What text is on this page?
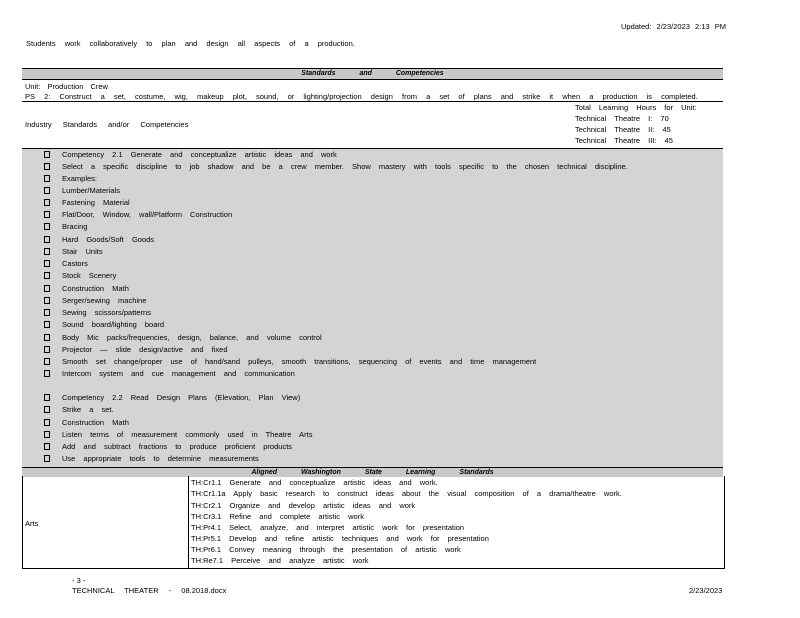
Updated: 2/23/2023 2:13 PM
Students work collaboratively to plan and design all aspects of a production.
Standards and Competencies
Unit: Production Crew
PS 2: Construct a set, costume, wig, makeup plot, sound, or lighting/projection design from a set of plans and strike it when a production is completed.
Industry Standards and/or Competencies
Total Learning Hours for Unit:
Technical Theatre I: 70
Technical Theatre II: 45
Technical Theatre III: 45
Competency 2.1 Generate and conceptualize artistic ideas and work
Select a specific discipline to job shadow and be a crew member. Show mastery with tools specific to the chosen technical discipline.
Examples:
Lumber/Materials
Fastening Material
Flat/Door, Window, wall/Platform Construction
Bracing
Hard Goods/Soft Goods
Stair Units
Castors
Stock Scenery
Construction Math
Serger/sewing machine
Sewing scissors/patterns
Sound board/lighting board
Body Mic packs/frequencies, design, balance, and volume control
Projector — slide design/active and fixed
Smooth set change/proper use of hand/sand pulleys, smooth transitions, sequencing of events and time management
Intercom system and cue management and communication
Competency 2.2 Read Design Plans (Elevation, Plan View)
Strike a set.
Construction Math
Listen terms of measurement commonly used in Theatre Arts
Add and subtract fractions to produce proficient products
Use appropriate tools to determine measurements
Aligned Washington State Learning Standards
Arts
TH:Cr1.1 Generate and conceptualize artistic ideas and work.
TH:Cr1.1a Apply basic research to construct ideas about the visual composition of a drama/theatre work.
TH:Cr2.1 Organize and develop artistic ideas and work
TH:Cr3.1 Refine and complete artistic work
TH:Pr4.1 Select, analyze, and interpret artistic work for presentation
TH:Pr5.1 Develop and refine artistic techniques and work for presentation
TH:Pr6.1 Convey meaning through the presentation of artistic work
TH:Re7.1 Perceive and analyze artistic work
- 3 -
TECHNICAL THEATER - 08.2018.docx	2/23/2023
